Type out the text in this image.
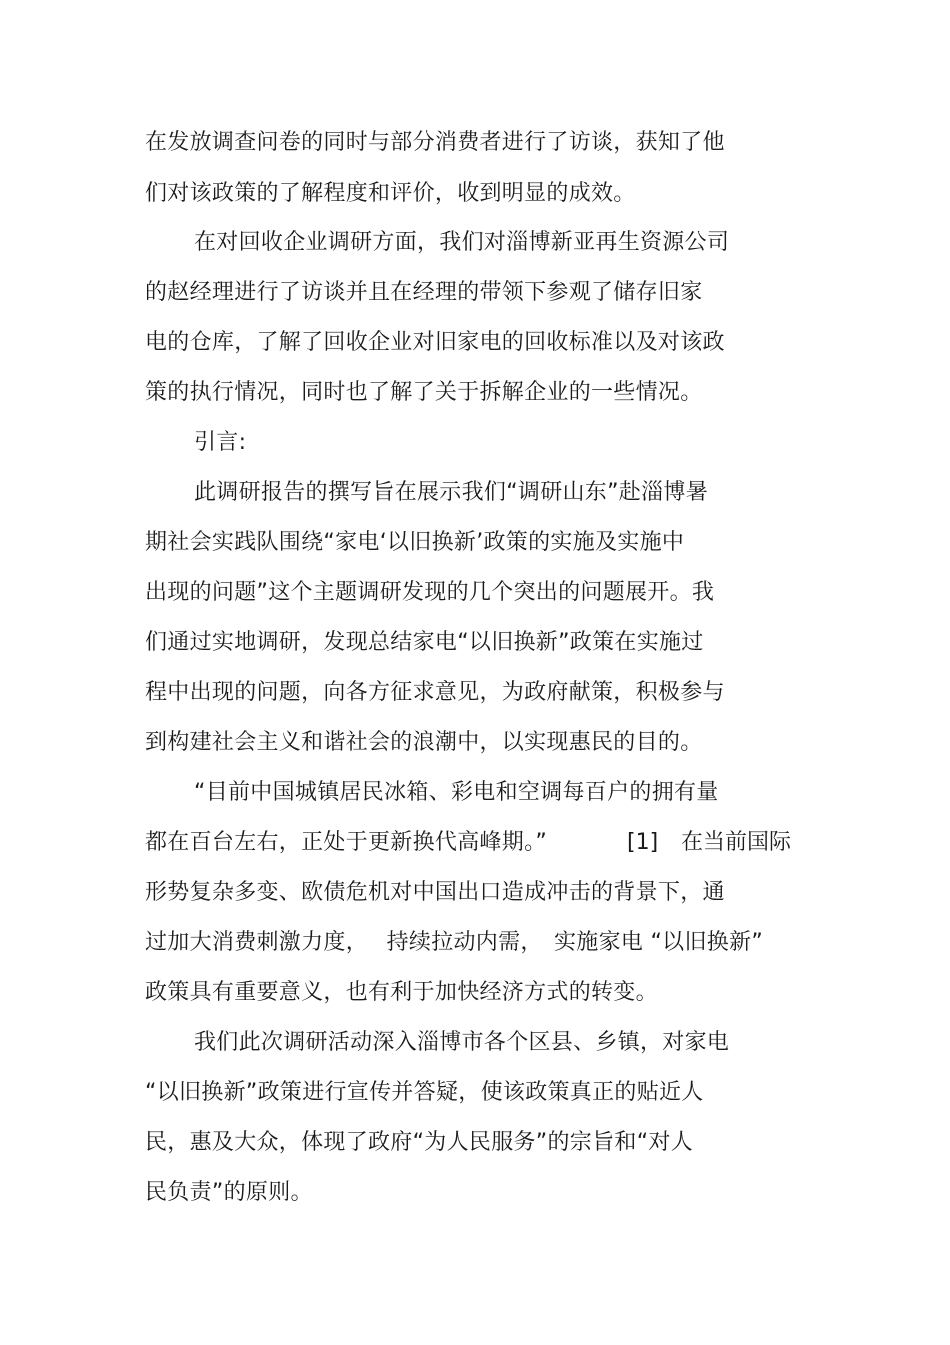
在发放调查问卷的同时与部分消费者进行了访谈，获知了他
们对该政策的了解程度和评价，收到明显的成效。
在对回收企业调研方面，我们对淄博新亚再生资源公司
的赵经理进行了访谈并且在经理的带领下参观了储存旧家
电的仓库，了解了回收企业对旧家电的回收标准以及对该政
策的执行情况，同时也了解了关于拆解企业的一些情况。
引言:
此调研报告的撰写旨在展示我们“调研山东”赴淄博暑
期社会实践队围绕“家电‘以旧换新’政策的实施及实施中
出现的问题”这个主题调研发现的几个突出的问题展开。我
们通过实地调研，发现总结家电“以旧换新”政策在实施过
程中出现的问题，向各方征求意见，为政府献策，积极参与
到构建社会主义和谐社会的浪潮中，以实现惠民的目的。
“目前中国城镇居民冰箱、彩电和空调每百户的拥有量
都在百台左右，正处于更新换代高峰期。”	[1] 在当前国际
形势复杂多变、欧债危机对中国出口造成冲击的背景下，通
过加大消费刺激力度，　 持续拉动内需，　实施家电 “以旧换新”
政策具有重要意义，也有利于加快经济方式的转变。
我们此次调研活动深入淄博市各个区县、乡镇，对家电
“以旧换新”政策进行宣传并答疑，使该政策真正的贴近人
民，惠及大众，体现了政府“为人民服务”的宗旨和“对人
民负责”的原则。
